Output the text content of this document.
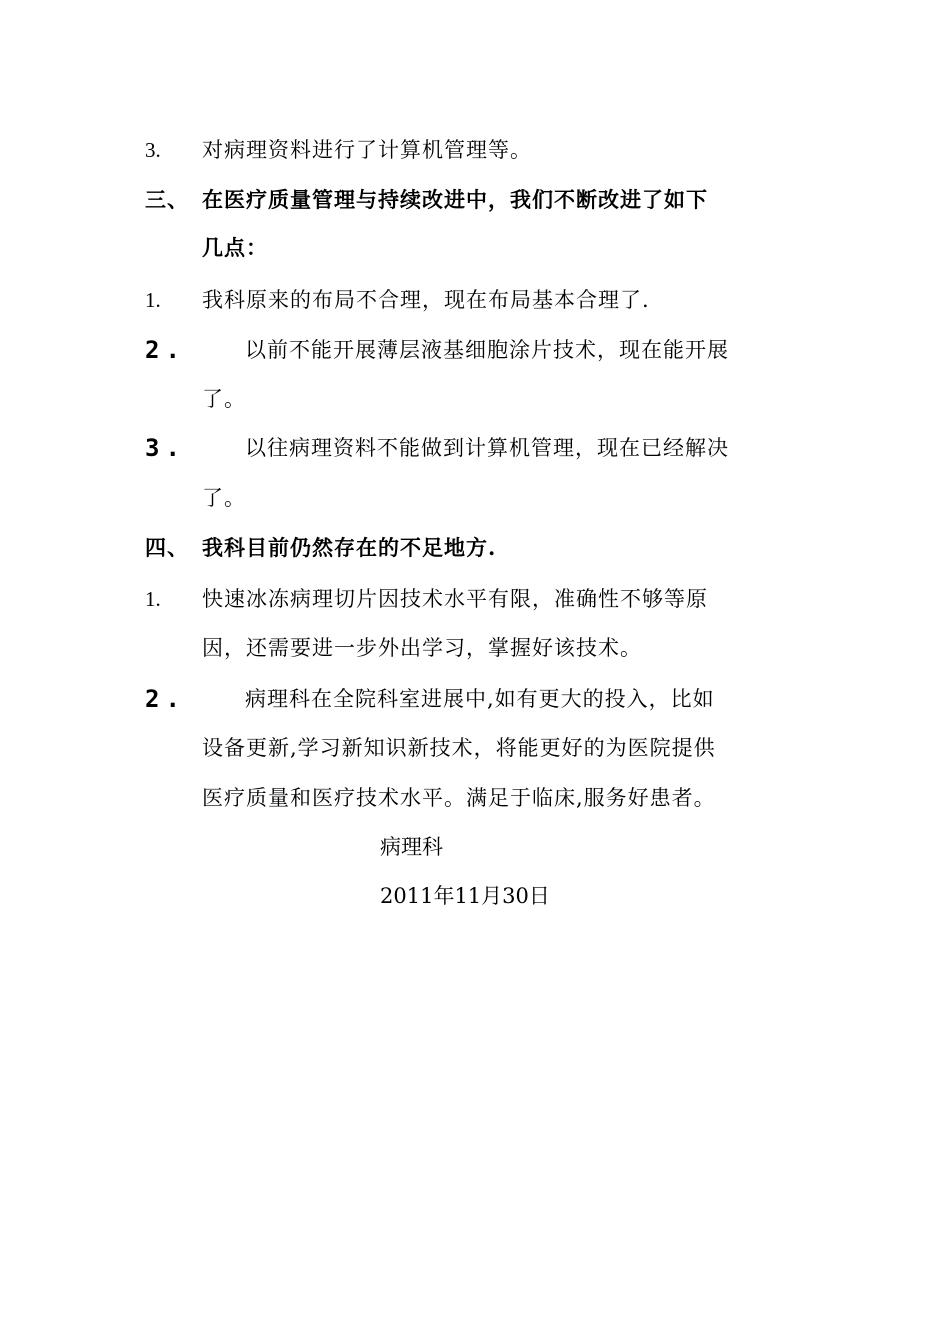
3. 对病理资料进行了计算机管理等。
三、 在医疗质量管理与持续改进中，我们不断改进了如下
几点：
1. 我科原来的布局不合理，现在布局基本合理了.
2.	以前不能开展薄层液基细胞涂片技术，现在能开展
了。
3.	以往病理资料不能做到计算机管理，现在已经解决
了。
四、 我科目前仍然存在的不足地方.
1. 快速冰冻病理切片因技术水平有限，准确性不够等原
因，还需要进一步外出学习，掌握好该技术。
2.	病理科在全院科室进展中,如有更大的投入，比如
设备更新,学习新知识新技术，将能更好的为医院提供
医疗质量和医疗技术水平。满足于临床,服务好患者。
病理科
2011年11月30日
